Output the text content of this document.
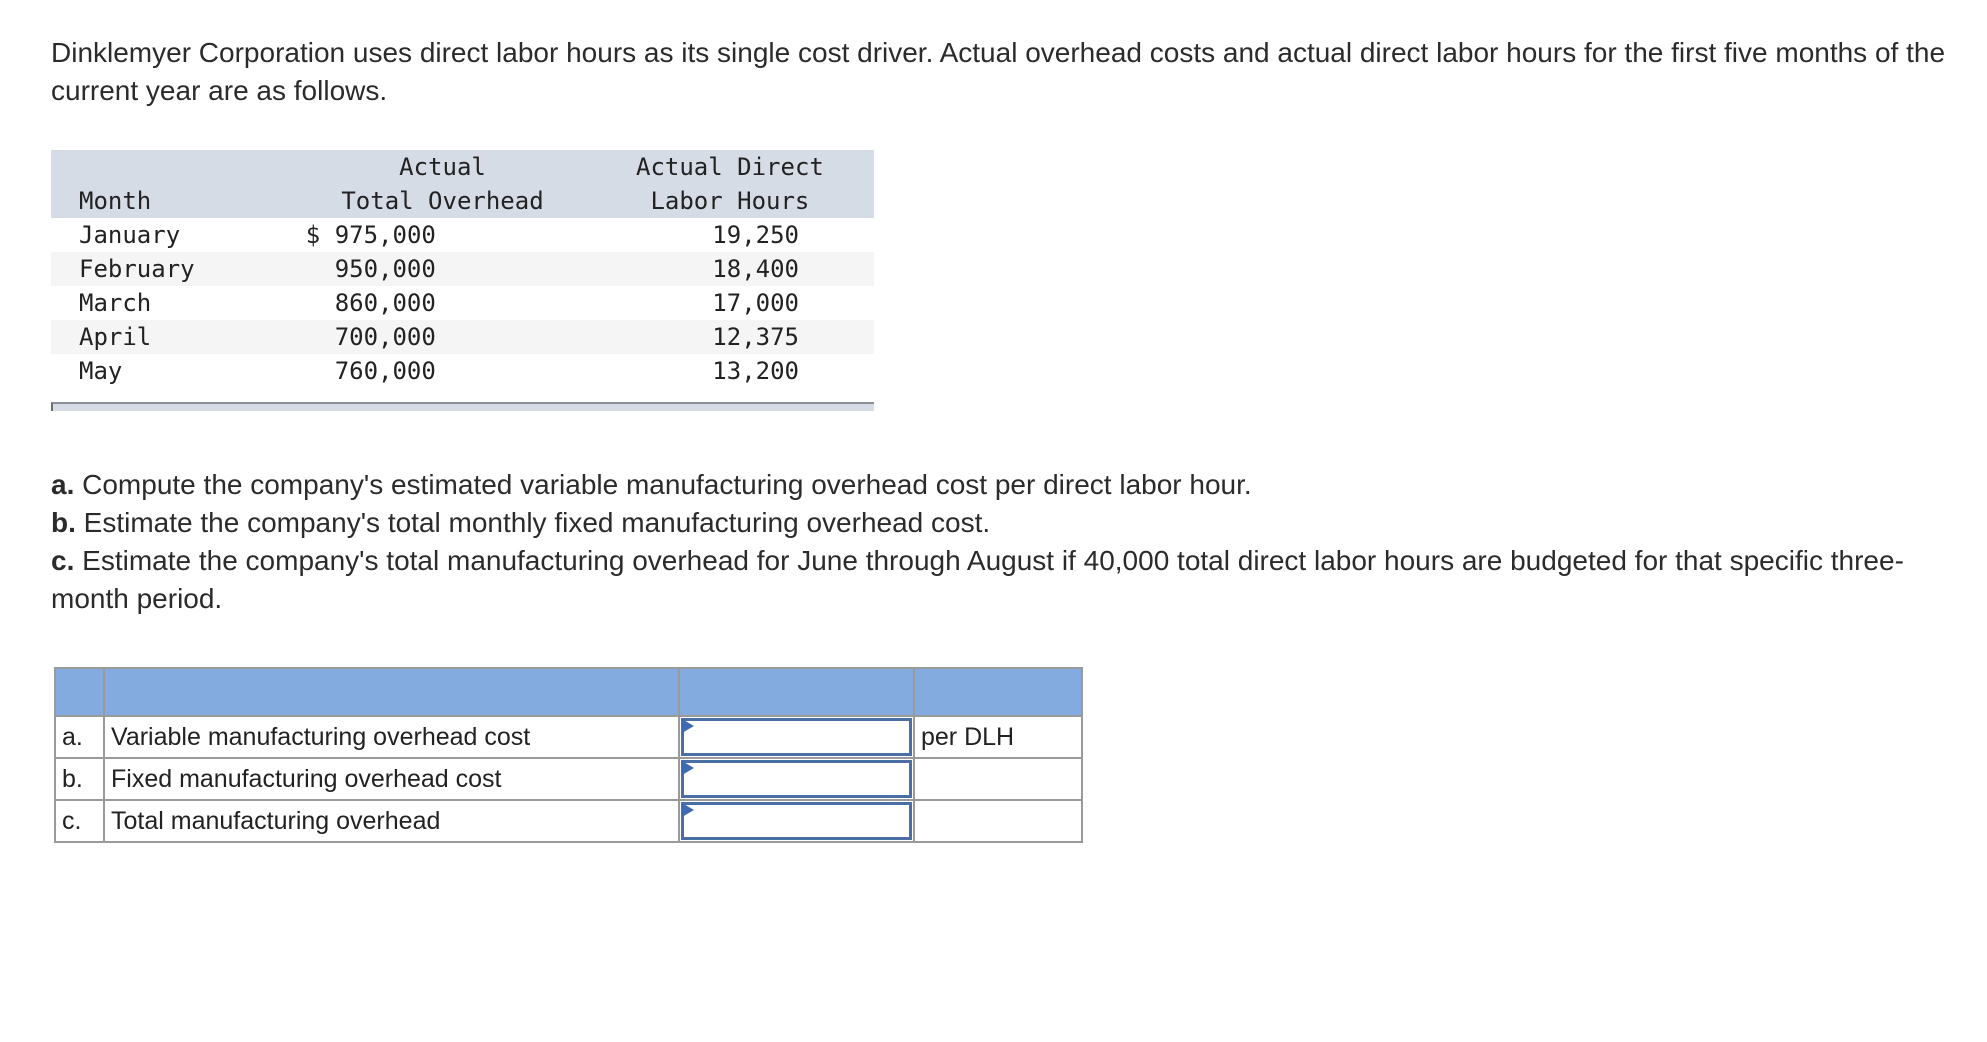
Dinklemyer Corporation uses direct labor hours as its single cost driver. Actual overhead costs and actual direct labor hours for the first five months of the current year are as follows.

	Actual	Actual Direct
Month	Total Overhead	Labor Hours
January	$ 975,000	19,250
February	950,000	18,400
March	860,000	17,000
April	700,000	12,375
May	760,000	13,200

a. Compute the company's estimated variable manufacturing overhead cost per direct labor hour.

b. Estimate the company's total monthly fixed manufacturing overhead cost.

c. Estimate the company's total manufacturing overhead for June through August if 40,000 total direct labor hours are budgeted for that specific three-month period.

a.	Variable manufacturing overhead cost		per DLH
b.	Fixed manufacturing overhead cost	

c.	Total manufacturing overhead	
